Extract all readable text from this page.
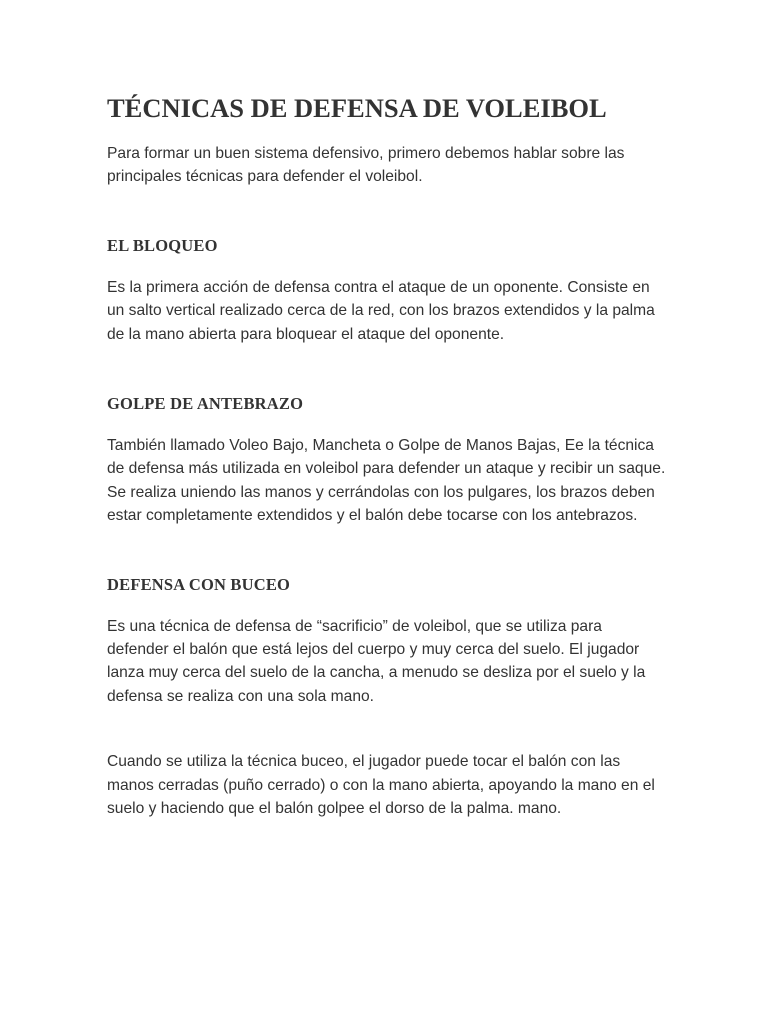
TÉCNICAS DE DEFENSA DE VOLEIBOL

Para formar un buen sistema defensivo, primero debemos hablar sobre las principales técnicas para defender el voleibol.

EL BLOQUEO

Es la primera acción de defensa contra el ataque de un oponente. Consiste en un salto vertical realizado cerca de la red, con los brazos extendidos y la palma de la mano abierta para bloquear el ataque del oponente.

GOLPE DE ANTEBRAZO

También llamado Voleo Bajo, Mancheta o Golpe de Manos Bajas, Ee la técnica de defensa más utilizada en voleibol para defender un ataque y recibir un saque. Se realiza uniendo las manos y cerrándolas con los pulgares, los brazos deben estar completamente extendidos y el balón debe tocarse con los antebrazos.

DEFENSA CON BUCEO

Es una técnica de defensa de “sacrificio” de voleibol, que se utiliza para defender el balón que está lejos del cuerpo y muy cerca del suelo. El jugador lanza muy cerca del suelo de la cancha, a menudo se desliza por el suelo y la defensa se realiza con una sola mano.

Cuando se utiliza la técnica buceo, el jugador puede tocar el balón con las manos cerradas (puño cerrado) o con la mano abierta, apoyando la mano en el suelo y haciendo que el balón golpee el dorso de la palma. mano.
